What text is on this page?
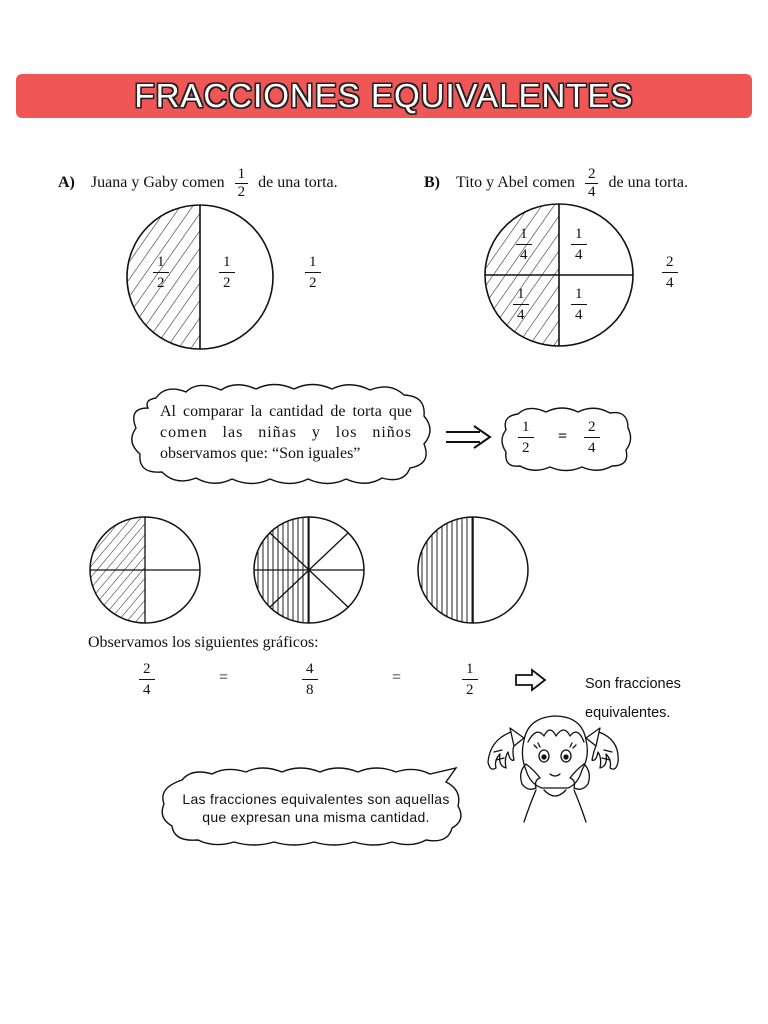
FRACCIONES EQUIVALENTES
A) Juana y Gaby comen $\frac{1}{2}$ de una torta.
$\frac{1}{2}$	$\frac{1}{2}$	$\frac{1}{2}$
B) Tito y Abel comen $\frac{2}{4}$ de una torta.
$\frac{1}{4}$	$\frac{1}{4}$
$\frac{1}{4}$	$\frac{1}{4}$
$\frac{2}{4}$
Al comparar la cantidad de torta que
comen las niñas y los niños
observamos que: “Son iguales”	$\frac{1}{2} = \frac{2}{4}$
Observamos los siguientes gráficos:
$\frac{2}{4}$	=	$\frac{4}{8}$	=	$\frac{1}{2}$	Son fracciones
equivalentes.
Las fracciones equivalentes son aquellas
que expresan una misma cantidad.
